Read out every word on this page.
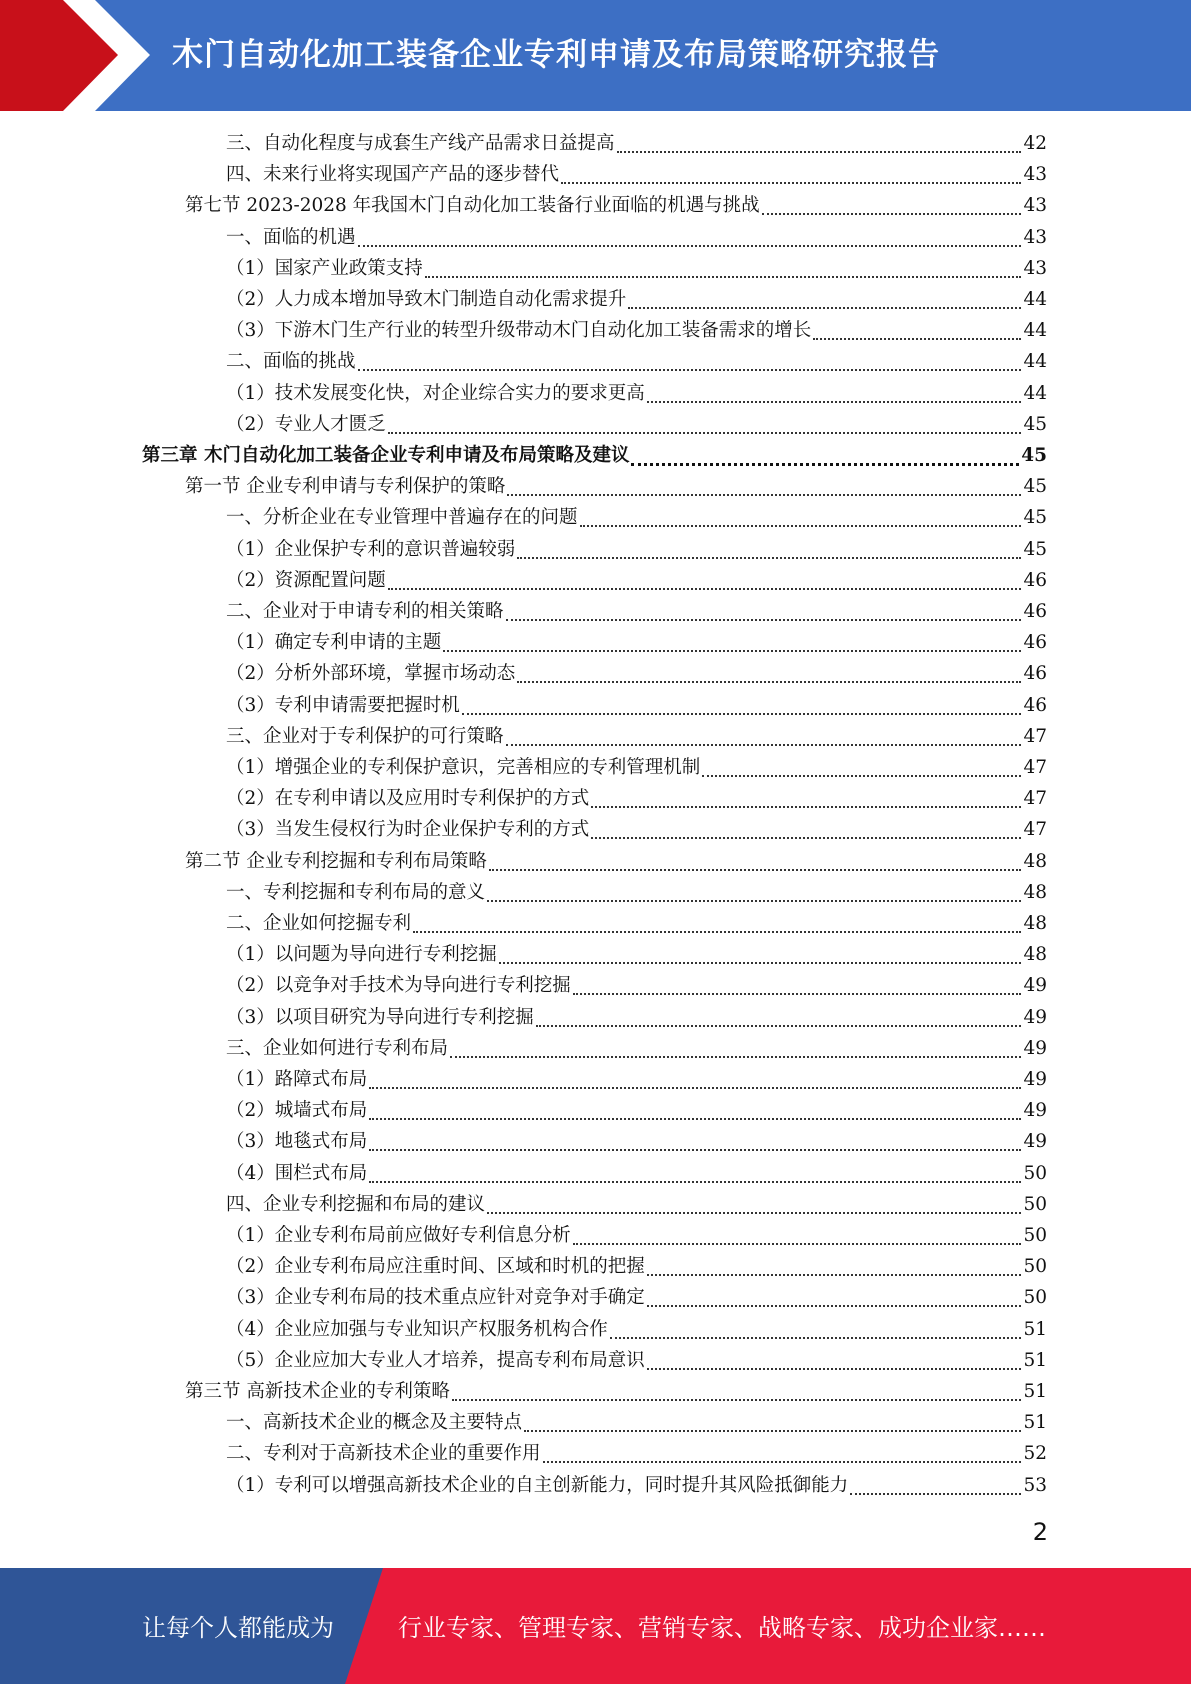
木门自动化加工装备企业专利申请及布局策略研究报告
三、自动化程度与成套生产线产品需求日益提高	42
四、未来行业将实现国产产品的逐步替代	43
第七节 2023-2028 年我国木门自动化加工装备行业面临的机遇与挑战	43
一、面临的机遇	43
（1）国家产业政策支持	43
（2）人力成本增加导致木门制造自动化需求提升	44
（3）下游木门生产行业的转型升级带动木门自动化加工装备需求的增长	44
二、面临的挑战	44
（1）技术发展变化快，对企业综合实力的要求更高	44
（2）专业人才匮乏	45
第三章 木门自动化加工装备企业专利申请及布局策略及建议	45
第一节 企业专利申请与专利保护的策略	45
一、分析企业在专业管理中普遍存在的问题	45
（1）企业保护专利的意识普遍较弱	45
（2）资源配置问题	46
二、企业对于申请专利的相关策略	46
（1）确定专利申请的主题	46
（2）分析外部环境，掌握市场动态	46
（3）专利申请需要把握时机	46
三、企业对于专利保护的可行策略	47
（1）增强企业的专利保护意识，完善相应的专利管理机制	47
（2）在专利申请以及应用时专利保护的方式	47
（3）当发生侵权行为时企业保护专利的方式	47
第二节 企业专利挖掘和专利布局策略	48
一、专利挖掘和专利布局的意义	48
二、企业如何挖掘专利	48
（1）以问题为导向进行专利挖掘	48
（2）以竞争对手技术为导向进行专利挖掘	49
（3）以项目研究为导向进行专利挖掘	49
三、企业如何进行专利布局	49
（1）路障式布局	49
（2）城墙式布局	49
（3）地毯式布局	49
（4）围栏式布局	50
四、企业专利挖掘和布局的建议	50
（1）企业专利布局前应做好专利信息分析	50
（2）企业专利布局应注重时间、区域和时机的把握	50
（3）企业专利布局的技术重点应针对竞争对手确定	50
（4）企业应加强与专业知识产权服务机构合作	51
（5）企业应加大专业人才培养，提高专利布局意识	51
第三节 高新技术企业的专利策略	51
一、高新技术企业的概念及主要特点	51
二、专利对于高新技术企业的重要作用	52
（1）专利可以增强高新技术企业的自主创新能力，同时提升其风险抵御能力	53
2
让每个人都能成为	行业专家、管理专家、营销专家、战略专家、成功企业家……
